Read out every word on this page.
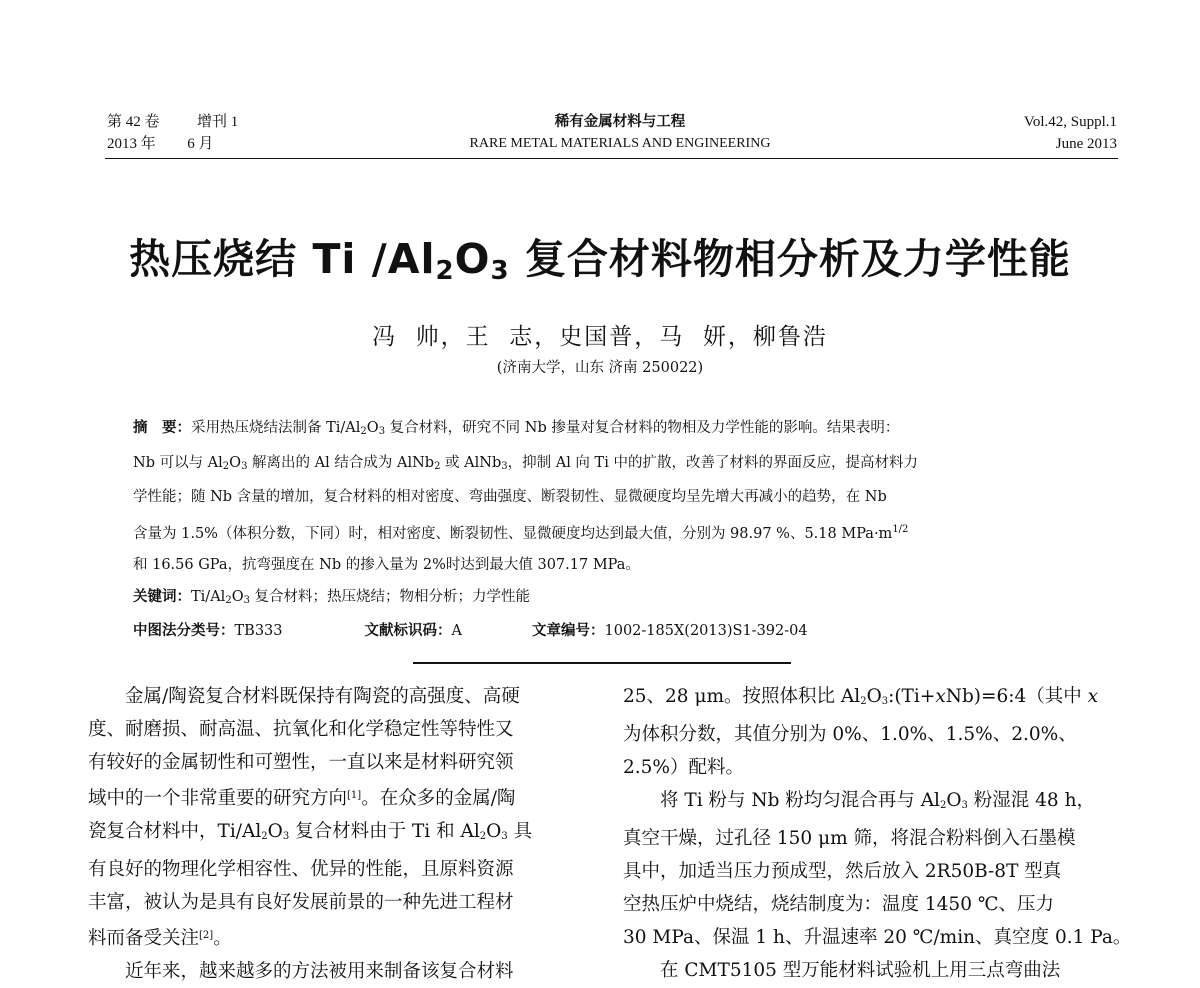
第 42 卷	增刊 1
2013 年 6 月
稀有金属材料与工程
RARE METAL MATERIALS AND ENGINEERING
Vol.42, Suppl.1
June 2013
热压烧结 Ti $/Al_2O_3$ 复合材料物相分析及力学性能
冯  帅，王  志，史国普，马  妍，柳鲁浩
(济南大学，山东 济南 250022)
摘　要：采用热压烧结法制备 $Ti/Al_2O_3$ 复合材料，研究不同 Nb 掺量对复合材料的物相及力学性能的影响。结果表明：
Nb 可以与 $Al_2O_3$ 解离出的 Al 结合成为 AlNb$_2$ 或 AlNb$_3$，抑制 Al 向 Ti 中的扩散，改善了材料的界面反应，提高材料力
学性能；随 Nb 含量的增加，复合材料的相对密度、弯曲强度、断裂韧性、显微硬度均呈先增大再减小的趋势，在 Nb
含量为 1.5%（体积分数，下同）时，相对密度、断裂韧性、显微硬度均达到最大值，分别为 98.97 %、5.18 $MPa\cdot m^{1/2}$
和 16.56 GPa，抗弯强度在 Nb 的掺入量为 2%时达到最大值 307.17 MPa。
关键词：$Ti/Al_2O_3$ 复合材料；热压烧结；物相分析；力学性能
中图法分类号：TB333	文献标识码：A	文章编号：1002-185X(2013)S1-392-04
　　金属/陶瓷复合材料既保持有陶瓷的高强度、高硬
度、耐磨损、耐高温、抗氧化和化学稳定性等特性又
有较好的金属韧性和可塑性，一直以来是材料研究领
域中的一个非常重要的研究方向[1]。在众多的金属/陶
瓷复合材料中，$Ti/Al_2O_3$ 复合材料由于 Ti 和 $Al_2O_3$ 具
有良好的物理化学相容性、优异的性能，且原料资源
丰富，被认为是具有良好发展前景的一种先进工程材
料而备受关注[2]。
　　近年来，越来越多的方法被用来制备该复合材料
25、28 μm。按照体积比 $Al_2O_3:(Ti+xNb)=6:4$（其中 x
为体积分数，其值分别为 0%、1.0%、1.5%、2.0%、
2.5%）配料。
　　将 Ti 粉与 Nb 粉均匀混合再与 $Al_2O_3$ 粉湿混 48 h，
真空干燥，过孔径 150 μm 筛，将混合粉料倒入石墨模
具中，加适当压力预成型，然后放入 2R50B-8T 型真
空热压炉中烧结，烧结制度为：温度 1450 ℃、压力
30 MPa、保温 1 h、升温速率 20 ℃/min、真空度 0.1 Pa。
　　在 CMT5105 型万能材料试验机上用三点弯曲法
